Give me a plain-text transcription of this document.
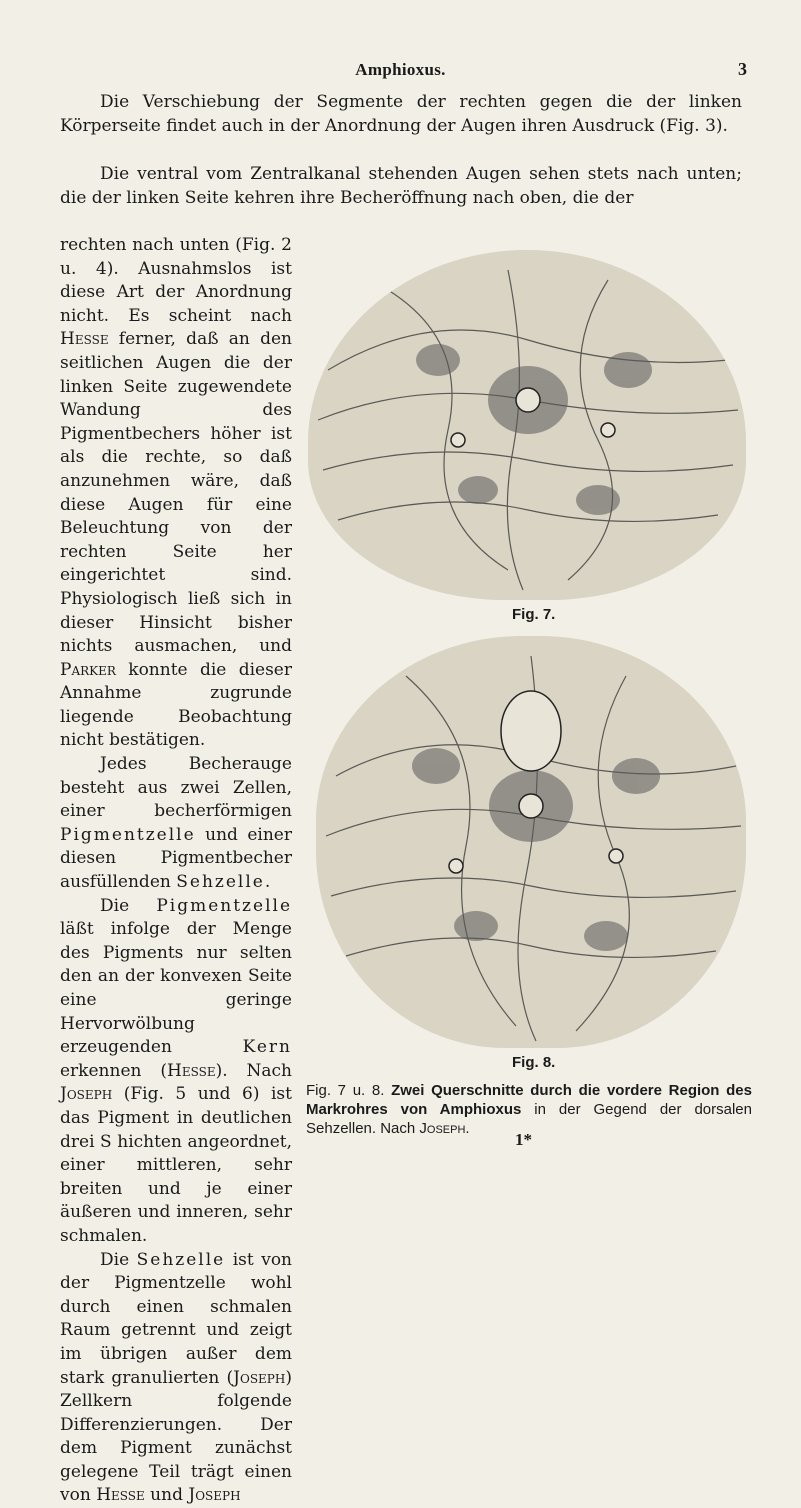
Amphioxus.	3

Die Verschiebung der Segmente der rechten gegen die der linken Körperseite findet auch in der Anordnung der Augen ihren Ausdruck (Fig. 3).

Die ventral vom Zentralkanal stehenden Augen sehen stets nach unten; die der linken Seite kehren ihre Becheröffnung nach oben, die der

rechten nach unten (Fig. 2 u. 4). Ausnahmslos ist diese Art der Anordnung nicht. Es scheint nach Hesse ferner, daß an den seitlichen Augen die der linken Seite zugewendete Wandung des Pigmentbechers höher ist als die rechte, so daß anzunehmen wäre, daß diese Augen für eine Beleuchtung von der rechten Seite her eingerichtet sind. Physiologisch ließ sich in dieser Hinsicht bisher nichts ausmachen, und Parker konnte die dieser Annahme zugrunde liegende Beobachtung nicht bestätigen.

Jedes Becherauge besteht aus zwei Zellen, einer becherförmigen Pigmentzelle und einer diesen Pigmentbecher ausfüllenden Sehzelle.

Die Pigmentzelle läßt infolge der Menge des Pigments nur selten den an der konvexen Seite eine geringe Hervorwölbung erzeugenden Kern erkennen (Hesse). Nach Joseph (Fig. 5 und 6) ist das Pigment in deutlichen drei S hichten angeordnet, einer mittleren, sehr breiten und je einer äußeren und inneren, sehr schmalen.

Die Sehzelle ist von der Pigmentzelle wohl durch einen schmalen Raum getrennt und zeigt im übrigen außer dem stark granulierten (Joseph) Zellkern folgende Differenzierungen. Der dem Pigment zunächst gelegene Teil trägt einen von Hesse und Joseph

Fig. 7.
Fig. 8.
Fig. 7 u. 8. Zwei Querschnitte durch die vordere Region des Markrohres von Amphioxus in der Gegend der dorsalen Sehzellen. Nach Joseph.
1*
